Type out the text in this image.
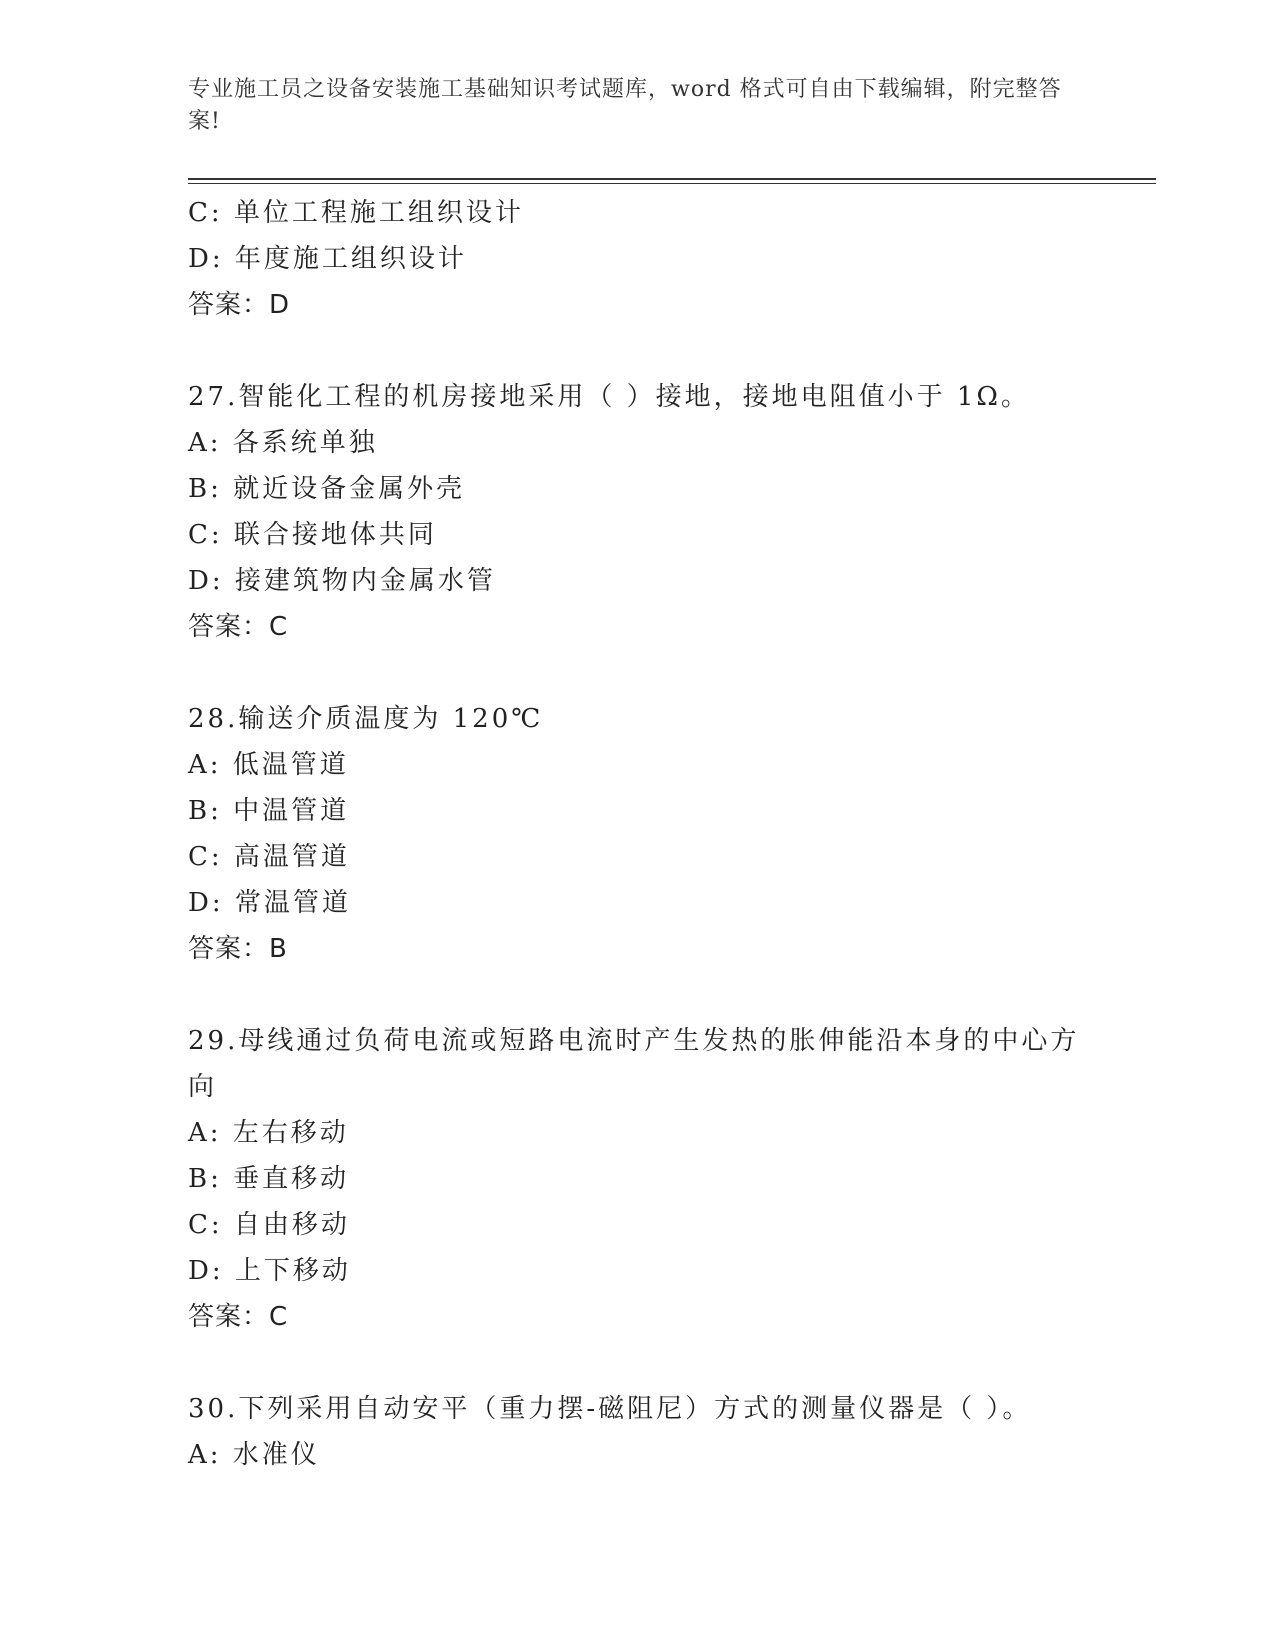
专业施工员之设备安装施工基础知识考试题库，word 格式可自由下载编辑，附完整答案!
C: 单位工程施工组织设计
D: 年度施工组织设计
答案：D
27.智能化工程的机房接地采用（ ）接地，接地电阻值小于 1Ω。
A: 各系统单独
B: 就近设备金属外壳
C: 联合接地体共同
D: 接建筑物内金属水管
答案：C
28.输送介质温度为 120℃
A: 低温管道
B: 中温管道
C: 高温管道
D: 常温管道
答案：B
29.母线通过负荷电流或短路电流时产生发热的胀伸能沿本身的中心方向
A: 左右移动
B: 垂直移动
C: 自由移动
D: 上下移动
答案：C
30.下列采用自动安平（重力摆-磁阻尼）方式的测量仪器是（ ）。
A: 水准仪
